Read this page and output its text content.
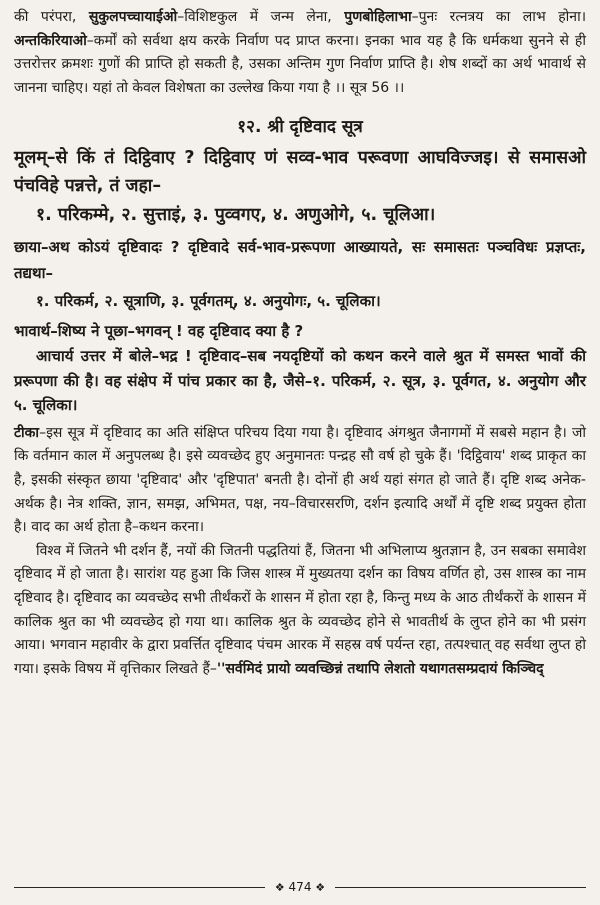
की परंपरा, सुकुलपच्चायाईओ–विशिष्टकुल में जन्म लेना, पुणबोहिलाभा–पुनः रत्नत्रय का लाभ होना। अन्तकिरियाओ–कर्मों को सर्वथा क्षय करके निर्वाण पद प्राप्त करना। इनका भाव यह है कि धर्मकथा सुनने से ही उत्तरोत्तर क्रमशः गुणों की प्राप्ति हो सकती है, उसका अन्तिम गुण निर्वाण प्राप्ति है। शेष शब्दों का अर्थ भावार्थ से जानना चाहिए। यहां तो केवल विशेषता का उल्लेख किया गया है ।। सूत्र 56 ।।

१२. श्री दृष्टिवाद सूत्र

मूलम्–से किं तं दिट्ठिवाए ? दिट्ठिवाए णं सव्व-भाव परूवणा आघविज्जइ। से समासओ पंचविहे पन्नत्ते, तं जहा–

१. परिकम्मे, २. सुत्ताइं, ३. पुव्वगए, ४. अणुओगे, ५. चूलिआ।

छाया–अथ कोऽयं दृष्टिवादः ? दृष्टिवादे सर्व-भाव-प्ररूपणा आख्यायते, सः समासतः पञ्चविधः प्रज्ञप्तः, तद्यथा–

१. परिकर्म, २. सूत्राणि, ३. पूर्वगतम्, ४. अनुयोगः, ५. चूलिका।

भावार्थ–शिष्य ने पूछा–भगवन् ! वह दृष्टिवाद क्या है ?

आचार्य उत्तर में बोले–भद्र ! दृष्टिवाद–सब नयदृष्टियों को कथन करने वाले श्रुत में समस्त भावों की प्ररूपणा की है। वह संक्षेप में पांच प्रकार का है, जैसे–१. परिकर्म, २. सूत्र, ३. पूर्वगत, ४. अनुयोग और ५. चूलिका।

टीका–इस सूत्र में दृष्टिवाद का अति संक्षिप्त परिचय दिया गया है। दृष्टिवाद अंगश्रुत जैनागमों में सबसे महान है। जो कि वर्तमान काल में अनुपलब्ध है। इसे व्यवच्छेद हुए अनुमानतः पन्द्रह सौ वर्ष हो चुके हैं। 'दिट्ठिवाय' शब्द प्राकृत का है, इसकी संस्कृत छाया 'दृष्टिवाद' और 'दृष्टिपात' बनती है। दोनों ही अर्थ यहां संगत हो जाते हैं। दृष्टि शब्द अनेक-अर्थक है। नेत्र शक्ति, ज्ञान, समझ, अभिमत, पक्ष, नय–विचारसरणि, दर्शन इत्यादि अर्थों में दृष्टि शब्द प्रयुक्त होता है। वाद का अर्थ होता है–कथन करना।

विश्व में जितने भी दर्शन हैं, नयों की जितनी पद्धतियां हैं, जितना भी अभिलाप्य श्रुतज्ञान है, उन सबका समावेश दृष्टिवाद में हो जाता है। सारांश यह हुआ कि जिस शास्त्र में मुख्यतया दर्शन का विषय वर्णित हो, उस शास्त्र का नाम दृष्टिवाद है। दृष्टिवाद का व्यवच्छेद सभी तीर्थंकरों के शासन में होता रहा है, किन्तु मध्य के आठ तीर्थंकरों के शासन में कालिक श्रुत का भी व्यवच्छेद हो गया था। कालिक श्रुत के व्यवच्छेद होने से भावतीर्थ के लुप्त होने का भी प्रसंग आया। भगवान महावीर के द्वारा प्रवर्त्तित दृष्टिवाद पंचम आरक में सहस्र वर्ष पर्यन्त रहा, तत्पश्चात् वह सर्वथा लुप्त हो गया। इसके विषय में वृत्तिकार लिखते हैं–''सर्वमिदं प्रायो व्यवच्छिन्नं तथापि लेशतो यथागतसम्प्रदायं किञ्चिद्

❖ 474 ❖
